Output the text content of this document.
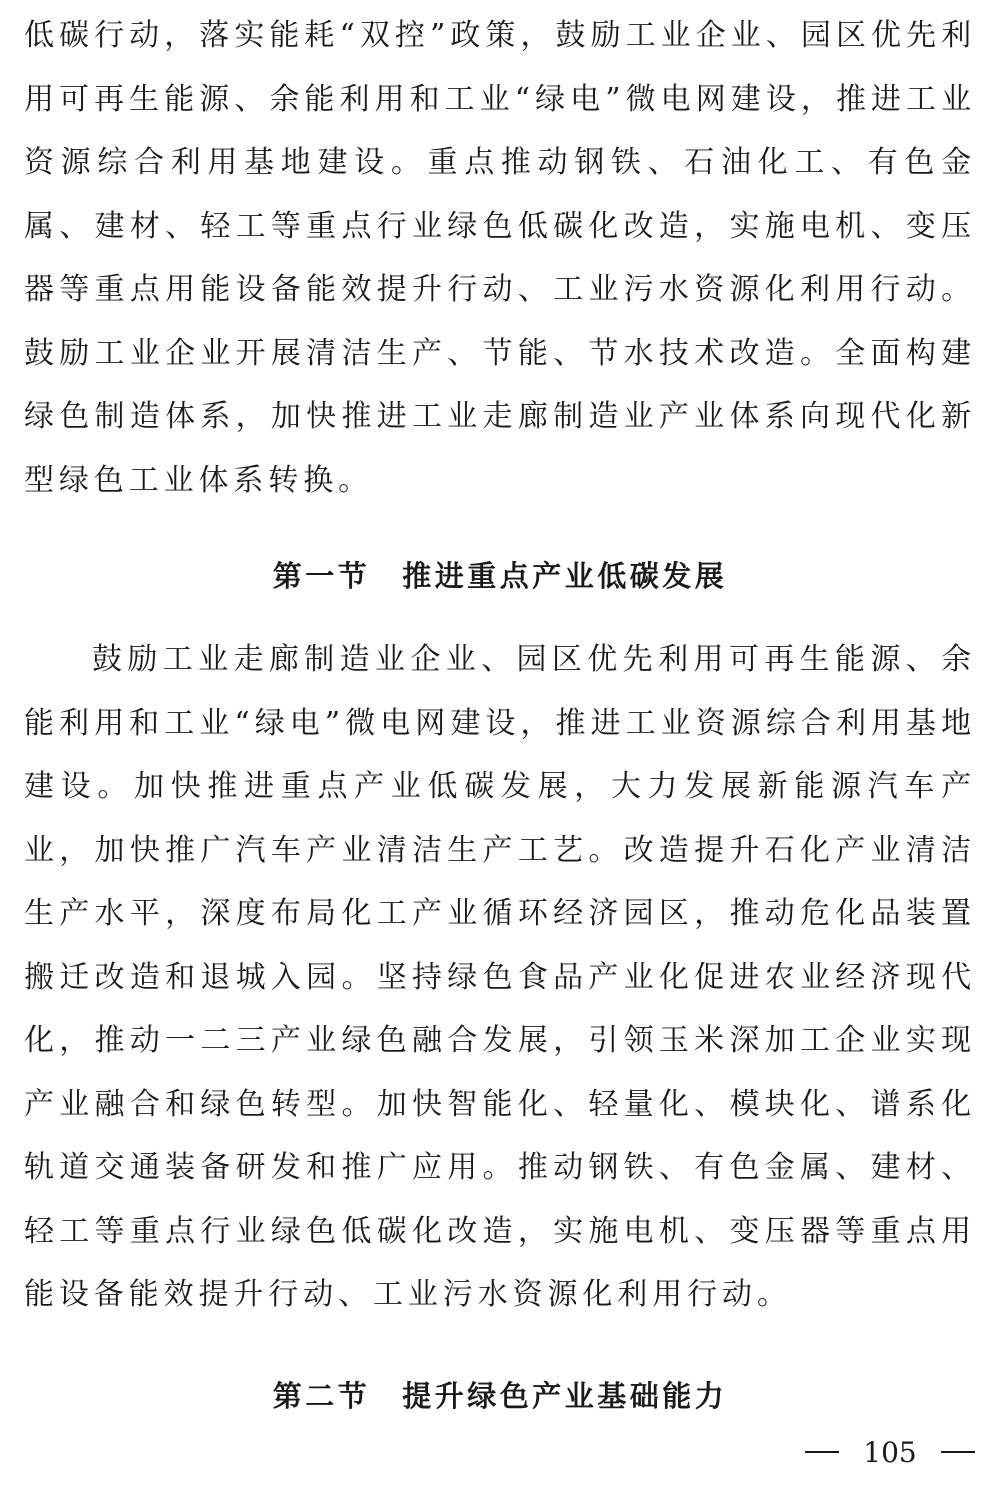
低碳行动，落实能耗“双控”政策，鼓励工业企业、园区优先利用可再生能源、余能利用和工业“绿电”微电网建设，推进工业资源综合利用基地建设。重点推动钢铁、石油化工、有色金属、建材、轻工等重点行业绿色低碳化改造，实施电机、变压器等重点用能设备能效提升行动、工业污水资源化利用行动。鼓励工业企业开展清洁生产、节能、节水技术改造。全面构建绿色制造体系，加快推进工业走廊制造业产业体系向现代化新型绿色工业体系转换。

第一节 推进重点产业低碳发展

鼓励工业走廊制造业企业、园区优先利用可再生能源、余能利用和工业“绿电”微电网建设，推进工业资源综合利用基地建设。加快推进重点产业低碳发展，大力发展新能源汽车产业，加快推广汽车产业清洁生产工艺。改造提升石化产业清洁生产水平，深度布局化工产业循环经济园区，推动危化品装置搬迁改造和退城入园。坚持绿色食品产业化促进农业经济现代化，推动一二三产业绿色融合发展，引领玉米深加工企业实现产业融合和绿色转型。加快智能化、轻量化、模块化、谱系化轨道交通装备研发和推广应用。推动钢铁、有色金属、建材、轻工等重点行业绿色低碳化改造，实施电机、变压器等重点用能设备能效提升行动、工业污水资源化利用行动。

第二节 提升绿色产业基础能力
105
